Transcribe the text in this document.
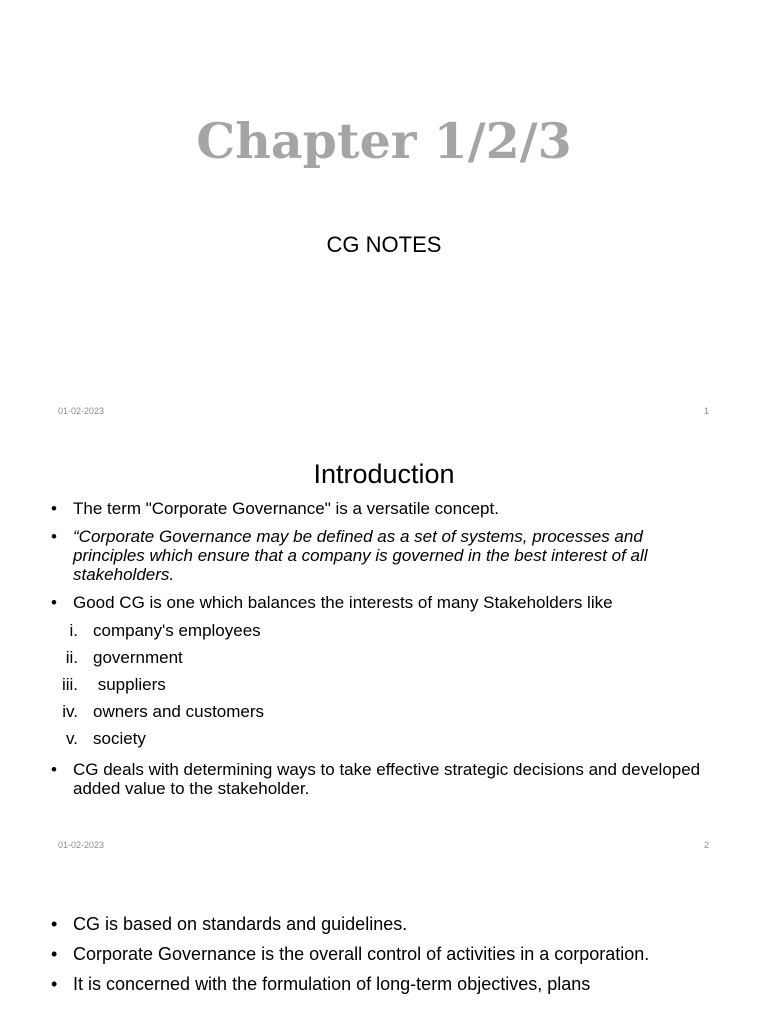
Chapter 1/2/3
CG NOTES
01-02-2023	1
Introduction
• The term "Corporate Governance" is a versatile concept.
• “Corporate Governance may be defined as a set of systems, processes and principles which ensure that a company is governed in the best interest of all stakeholders.
• Good CG is one which balances the interests of many Stakeholders like
i. company's employees
ii. government
iii. suppliers
iv. owners and customers
v. society
• CG deals with determining ways to take effective strategic decisions and developed added value to the stakeholder.
01-02-2023	2
• CG is based on standards and guidelines.
• Corporate Governance is the overall control of activities in a corporation.
• It is concerned with the formulation of long-term objectives, plans
